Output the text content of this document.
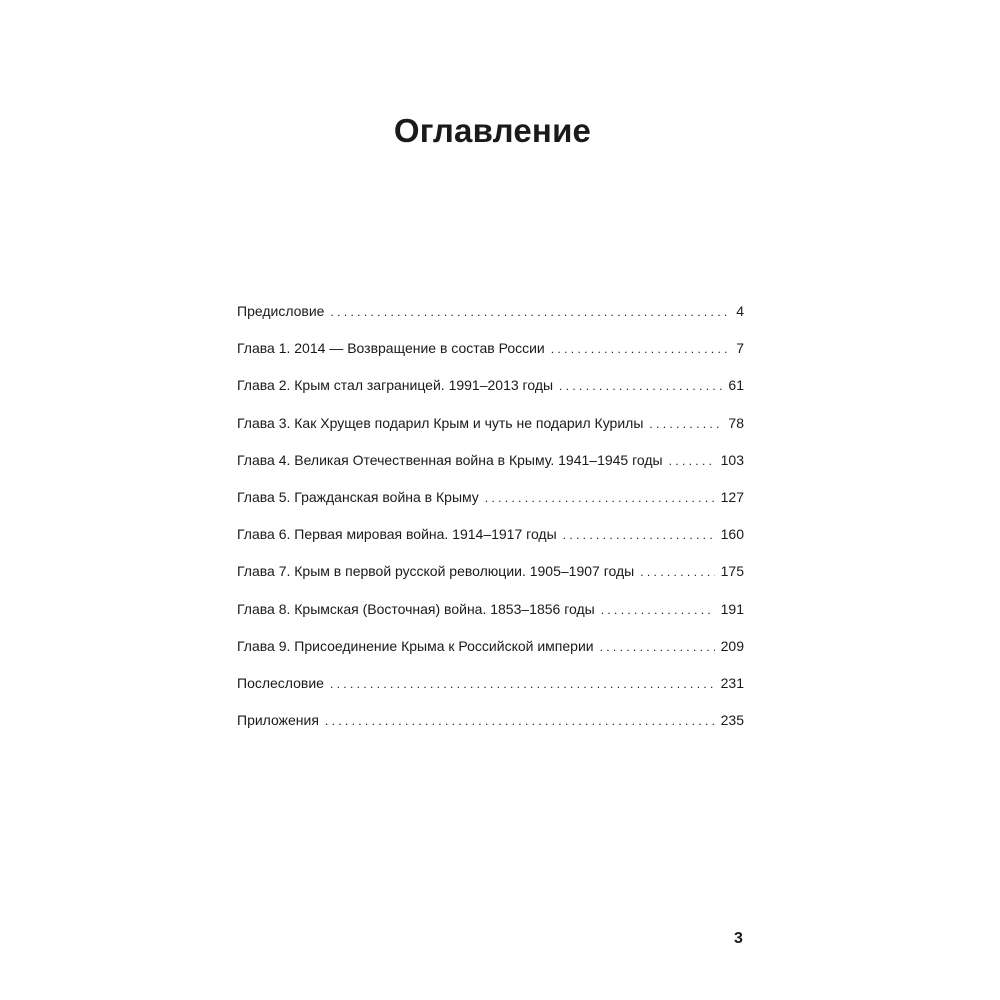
Оглавление
Предисловие . . .	4
Глава 1. 2014 — Возвращение в состав России . . .	7
Глава 2. Крым стал заграницей. 1991–2013 годы . . .	61
Глава 3. Как Хрущев подарил Крым и чуть не подарил Курилы . . .	78
Глава 4. Великая Отечественная война в Крыму. 1941–1945 годы . . .	103
Глава 5. Гражданская война в Крыму . . .	127
Глава 6. Первая мировая война. 1914–1917 годы . . .	160
Глава 7. Крым в первой русской революции. 1905–1907 годы . . .	175
Глава 8. Крымская (Восточная) война. 1853–1856 годы . . .	191
Глава 9. Присоединение Крыма к Российской империи . . .	209
Послесловие . . .	231
Приложения . . .	235
3
